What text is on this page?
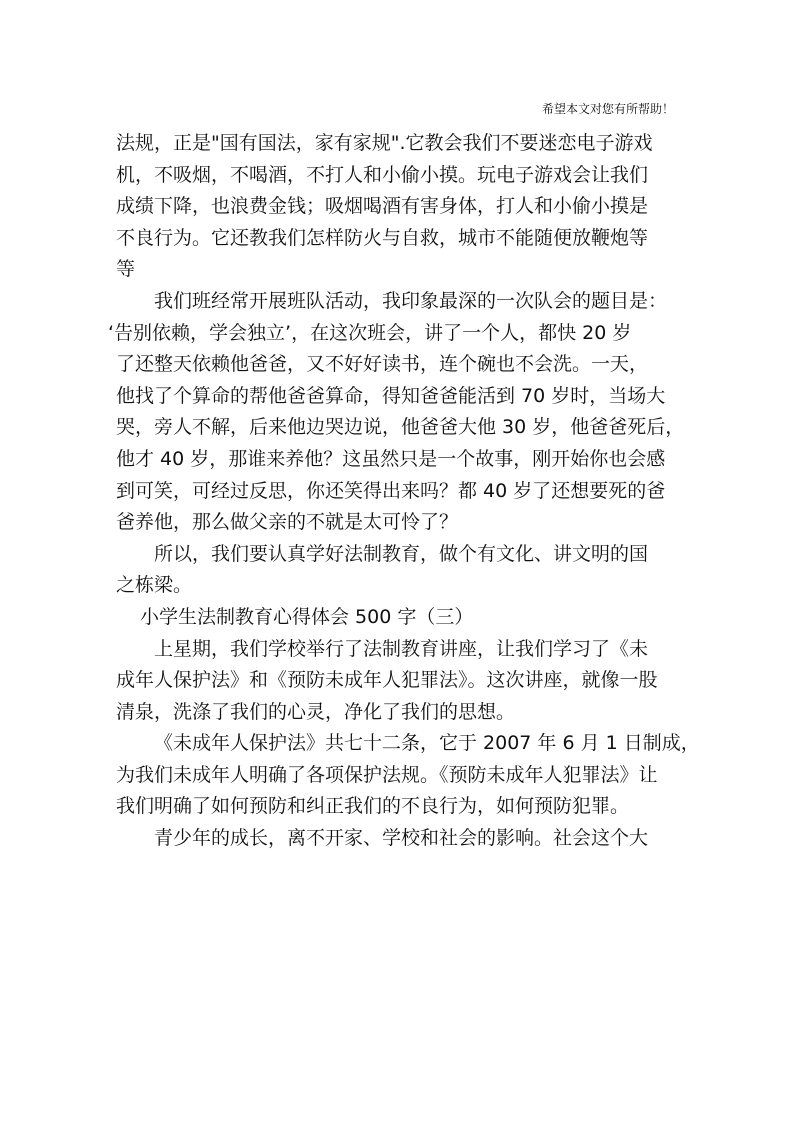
希望本文对您有所帮助！
法规，正是"国有国法，家有家规".它教会我们不要迷恋电子游戏
机，不吸烟，不喝酒，不打人和小偷小摸。玩电子游戏会让我们
成绩下降，也浪费金钱；吸烟喝酒有害身体，打人和小偷小摸是
不良行为。它还教我们怎样防火与自救，城市不能随便放鞭炮等
等
我们班经常开展班队活动，我印象最深的一次队会的题目是：
‘告别依赖，学会独立’，在这次班会，讲了一个人，都快 20 岁
了还整天依赖他爸爸，又不好好读书，连个碗也不会洗。一天，
他找了个算命的帮他爸爸算命，得知爸爸能活到 70 岁时，当场大
哭，旁人不解，后来他边哭边说，他爸爸大他 30 岁，他爸爸死后，
他才 40 岁，那谁来养他？这虽然只是一个故事，刚开始你也会感
到可笑，可经过反思，你还笑得出来吗？都 40 岁了还想要死的爸
爸养他，那么做父亲的不就是太可怜了？
所以，我们要认真学好法制教育，做个有文化、讲文明的国
之栋梁。
小学生法制教育心得体会 500 字（三）
上星期，我们学校举行了法制教育讲座，让我们学习了《未
成年人保护法》和《预防未成年人犯罪法》。这次讲座，就像一股
清泉，洗涤了我们的心灵，净化了我们的思想。
《未成年人保护法》共七十二条，它于 2007 年 6 月 1 日制成，
为我们未成年人明确了各项保护法规。《预防未成年人犯罪法》让
我们明确了如何预防和纠正我们的不良行为，如何预防犯罪。
青少年的成长，离不开家、学校和社会的影响。社会这个大
